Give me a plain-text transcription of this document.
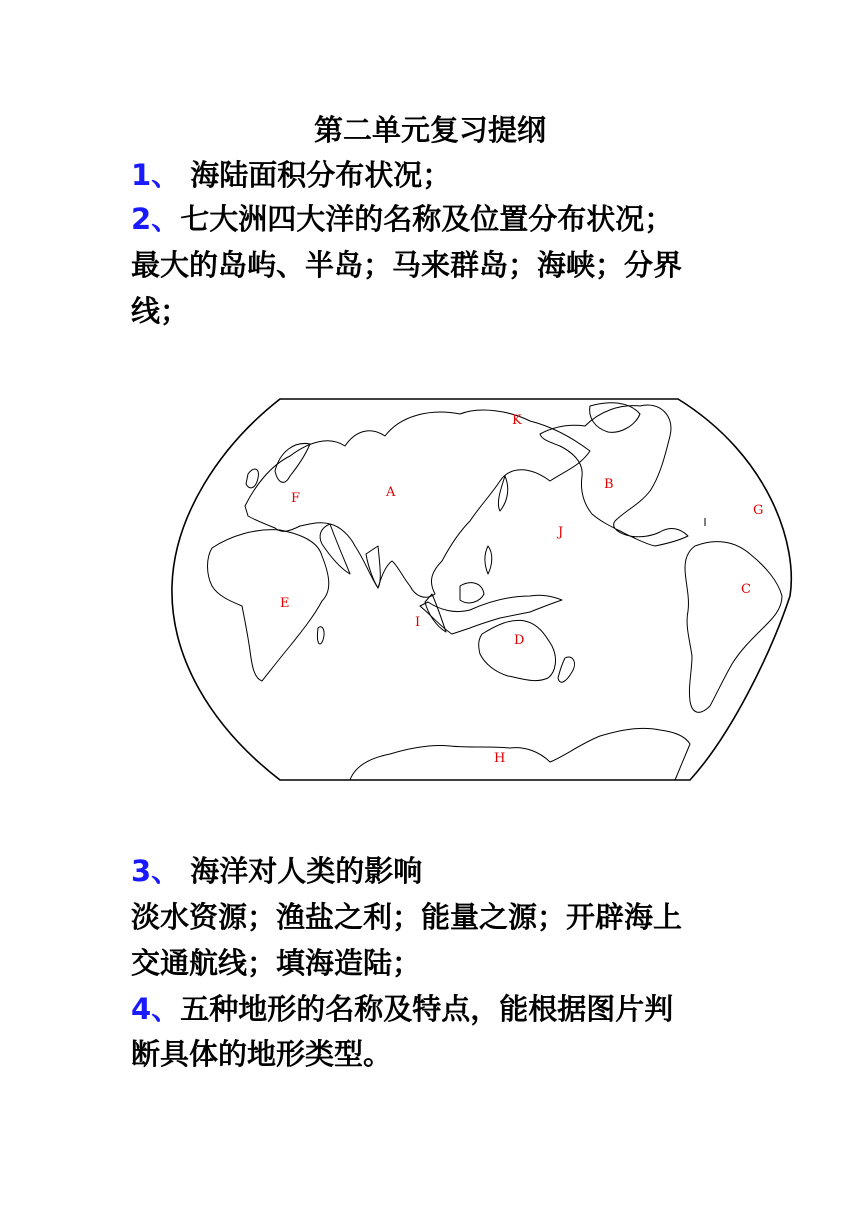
第二单元复习提纲
1、 海陆面积分布状况；
2、七大洲四大洋的名称及位置分布状况；
最大的岛屿、半岛；马来群岛；海峡；分界
线；
K
A
F
B
G
J
C
E
I
D
H
3、 海洋对人类的影响
淡水资源；渔盐之利；能量之源；开辟海上
交通航线；填海造陆；
4、五种地形的名称及特点，能根据图片判
断具体的地形类型。
